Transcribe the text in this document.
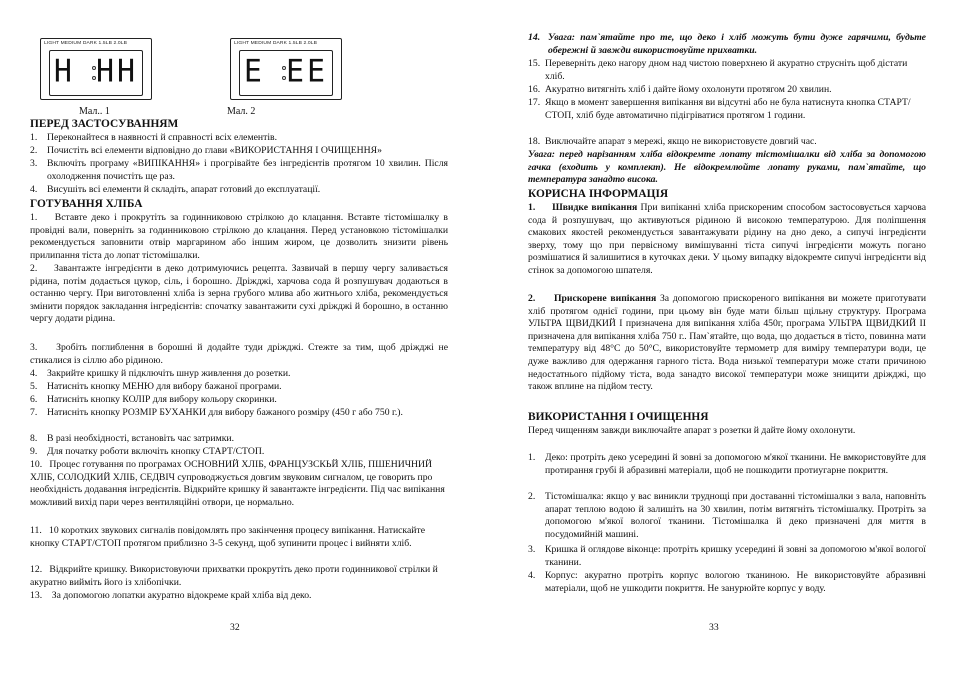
LIGHT MEDIUM DARK 1.5LB 2.0LB
H HH
Мал.. 1
LIGHT MEDIUM DARK 1.5LB 2.0LB
E EE
Мал. 2
ПЕРЕД ЗАСТОСУВАННЯМ
1. Переконайтеся в наявності й справності всіх елементів.
2. Почистіть всі елементи відповідно до глави «ВИКОРИСТАННЯ І ОЧИЩЕННЯ»
3. Включіть програму «ВИПІКАННЯ» і прогрівайте без інгредієнтів протягом 10 хвилин. Після охолодження почистіть ще раз.
4. Висушіть всі елементи й складіть, апарат готовий до експлуатації.
ГОТУВАННЯ ХЛІБА

1. Вставте деко і прокрутіть за годинниковою стрілкою до клацання. Вставте тістомішалку в провідні вали, поверніть за годинниковою стрілкою до клацання. Перед установкою тістомішалки рекомендується заповнити отвір маргарином або іншим жиром, це дозволить знизити рівень прилипання тіста до лопат тістомішалки.

2. Завантажте інгредієнти в деко дотримуючись рецепта. Зазвичай в першу чергу заливається рідина, потім додається цукор, сіль, і борошно. Дріжджі, харчова сода й розпушувач додаються в останню чергу. При виготовленні хліба із зерна грубого млива або житнього хліба, рекомендується змінити порядок закладання інгредієнтів: спочатку завантажити сухі дріжджі й борошно, в останню чергу додати рідина.

3. Зробіть поглиблення в борошні й додайте туди дріжджі. Стежте за тим, щоб дріжджі не стикалися із сіллю або рідиною.

4. Закрийте кришку й підключіть шнур живлення до розетки.

5. Натисніть кнопку МЕНЮ для вибору бажаної програми.

6. Натисніть кнопку КОЛІР для вибору кольору скоринки.

7. Натисніть кнопку РОЗМІР БУХАНКИ для вибору бажаного розміру (450 г або 750 г.).

8. В разі необхідності, встановіть час затримки.

9. Для початку роботи включіть кнопку СТАРТ/СТОП.

10. Процес готування по програмах ОСНОВНИЙ ХЛІБ, ФРАНЦУЗСКЬЙ ХЛІБ, ПШЕНИЧНИЙ ХЛІБ, СОЛОДКИЙ ХЛІБ, СЕДВІЧ супроводжується довгим звуковим сигналом, це говорить про необхідність додавання інгредієнтів. Відкрийте кришку й завантажте інгредієнти. Під час випікання можливий вихід пари через вентиляційні отвори, це нормально.

11. 10 коротких звукових сигналів повідомлять про закінчення процесу випікання. Натискайте кнопку СТАРТ/СТОП протягом приблизно 3-5 секунд, щоб зупинити процес і вийняти хліб.

12. Відкрийте кришку. Використовуючи прихватки прокрутіть деко проти годинникової стрілки й акуратно вийміть його із хлібопічки.

13. За допомогою лопатки акуратно відокреме край хліба від деко.

32
14. Увага: пам`ятайте про те, що деко і хліб можуть бути дуже гарячими, будьте обережні й завжди використовуйте прихватки.
15. Переверніть деко нагору дном над чистою поверхнею й акуратно струсніть щоб дістати хліб.
16. Акуратно витягніть хліб і дайте йому охолонути протягом 20 хвилин.
17. Якщо в момент завершення випікання ви відсутні або не була натиснута кнопка СТАРТ/СТОП, хліб буде автоматично підігріватися протягом 1 години.
18. Виключайте апарат з мережі, якщо не використовуєте довгий час.

Увага: перед нарізанням хліба відокремте лопату тістомішалки від хліба за допомогою гачка (входить у комплект). Не відокремлюйте лопату руками, пам`ятайте, що температура занадто висока.

КОРИСНА ІНФОРМАЦІЯ

1. Швидке випікання При випіканні хліба прискореним способом застосовується харчова сода й розпушувач, що активуються рідиною й високою температурою. Для поліпшення смакових якостей рекомендується завантажувати рідину на дно деко, а сипучі інгредієнти зверху, тому що при первісному вимішуванні тіста сипучі інгредієнти можуть погано розмішатися й залишитися в куточках деки. У цьому випадку відокремте сипучі інгредієнти від стінок за допомогою шпателя.

2. Прискорене випікання За допомогою прискореного випікання ви можете приготувати хліб протягом однієї години, при цьому він буде мати більш щільну структуру. Програма УЛЬТРА ЩВИДКИЙ І призначена для випікання хліба 450г, програма УЛЬТРА ЩВИДКИЙ ІІ призначена для випікання хліба 750 г.. Пам`ятайте, що вода, що додається в тісто, повинна мати температуру від 48°C до 50°C, використовуйте термометр для виміру температури води, це дуже важливо для одержання гарного тіста. Вода низької температури може стати причиною недостатнього підйому тіста, вода занадто високої температури може знищити дріжджі, що також вплине на підйом тесту.

ВИКОРИСТАННЯ І ОЧИЩЕННЯ

Перед чищенням завжди виключайте апарат з розетки й дайте йому охолонути.

1. Деко: протріть деко усередині й зовні за допомогою м'якої тканини. Не вмкористовуйте для протирання грубі й абразивні матеріали, щоб не пошкодити протиугарне покриття.
2. Тістомішалка: якщо у вас виникли труднощі при доставанні тістомішалки з вала, наповніть апарат теплою водою й залишіть на 30 хвилин, потім витягніть тістомішалку. Протріть за допомогою м'якої вологої тканини. Тістомішалка й деко призначені для миття в посудомийній машині.
3. Кришка й оглядове віконце: протріть кришку усередині й зовні за допомогою м'якої вологої тканини.
4. Корпус: акуратно протріть корпус вологою тканиною. Не використовуйте абразивні матеріали, щоб не ушкодити покриття. Не занурюйте корпус у воду.
33
